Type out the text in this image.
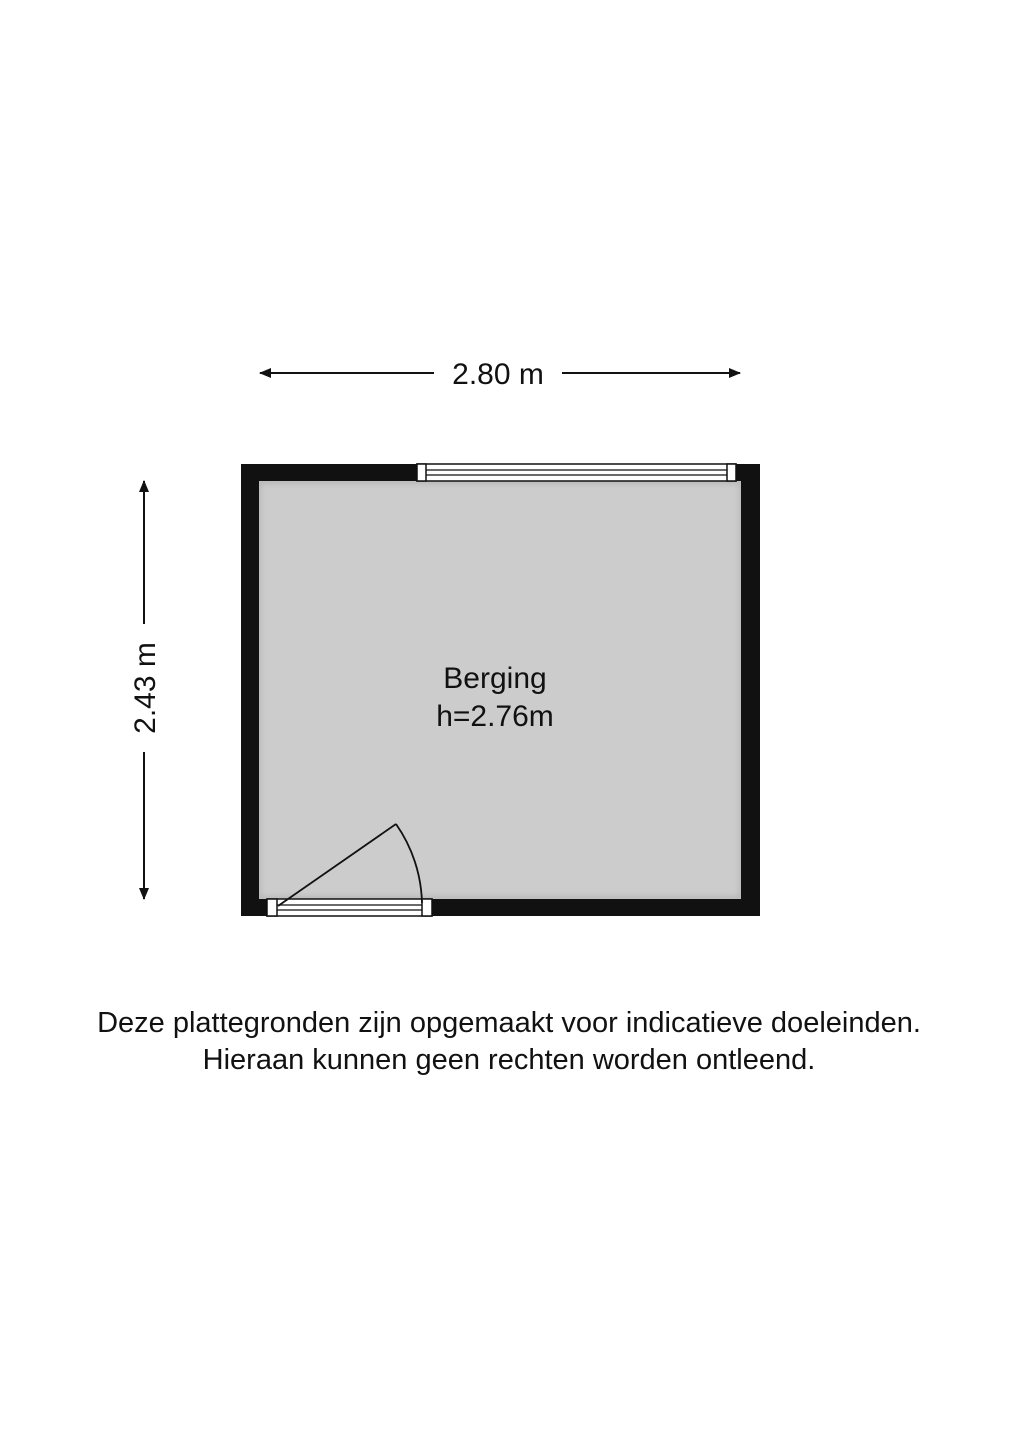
2.80 m
2.43 m	Berging
h=2.76m
Deze plattegronden zijn opgemaakt voor indicatieve doeleinden.
Hieraan kunnen geen rechten worden ontleend.
